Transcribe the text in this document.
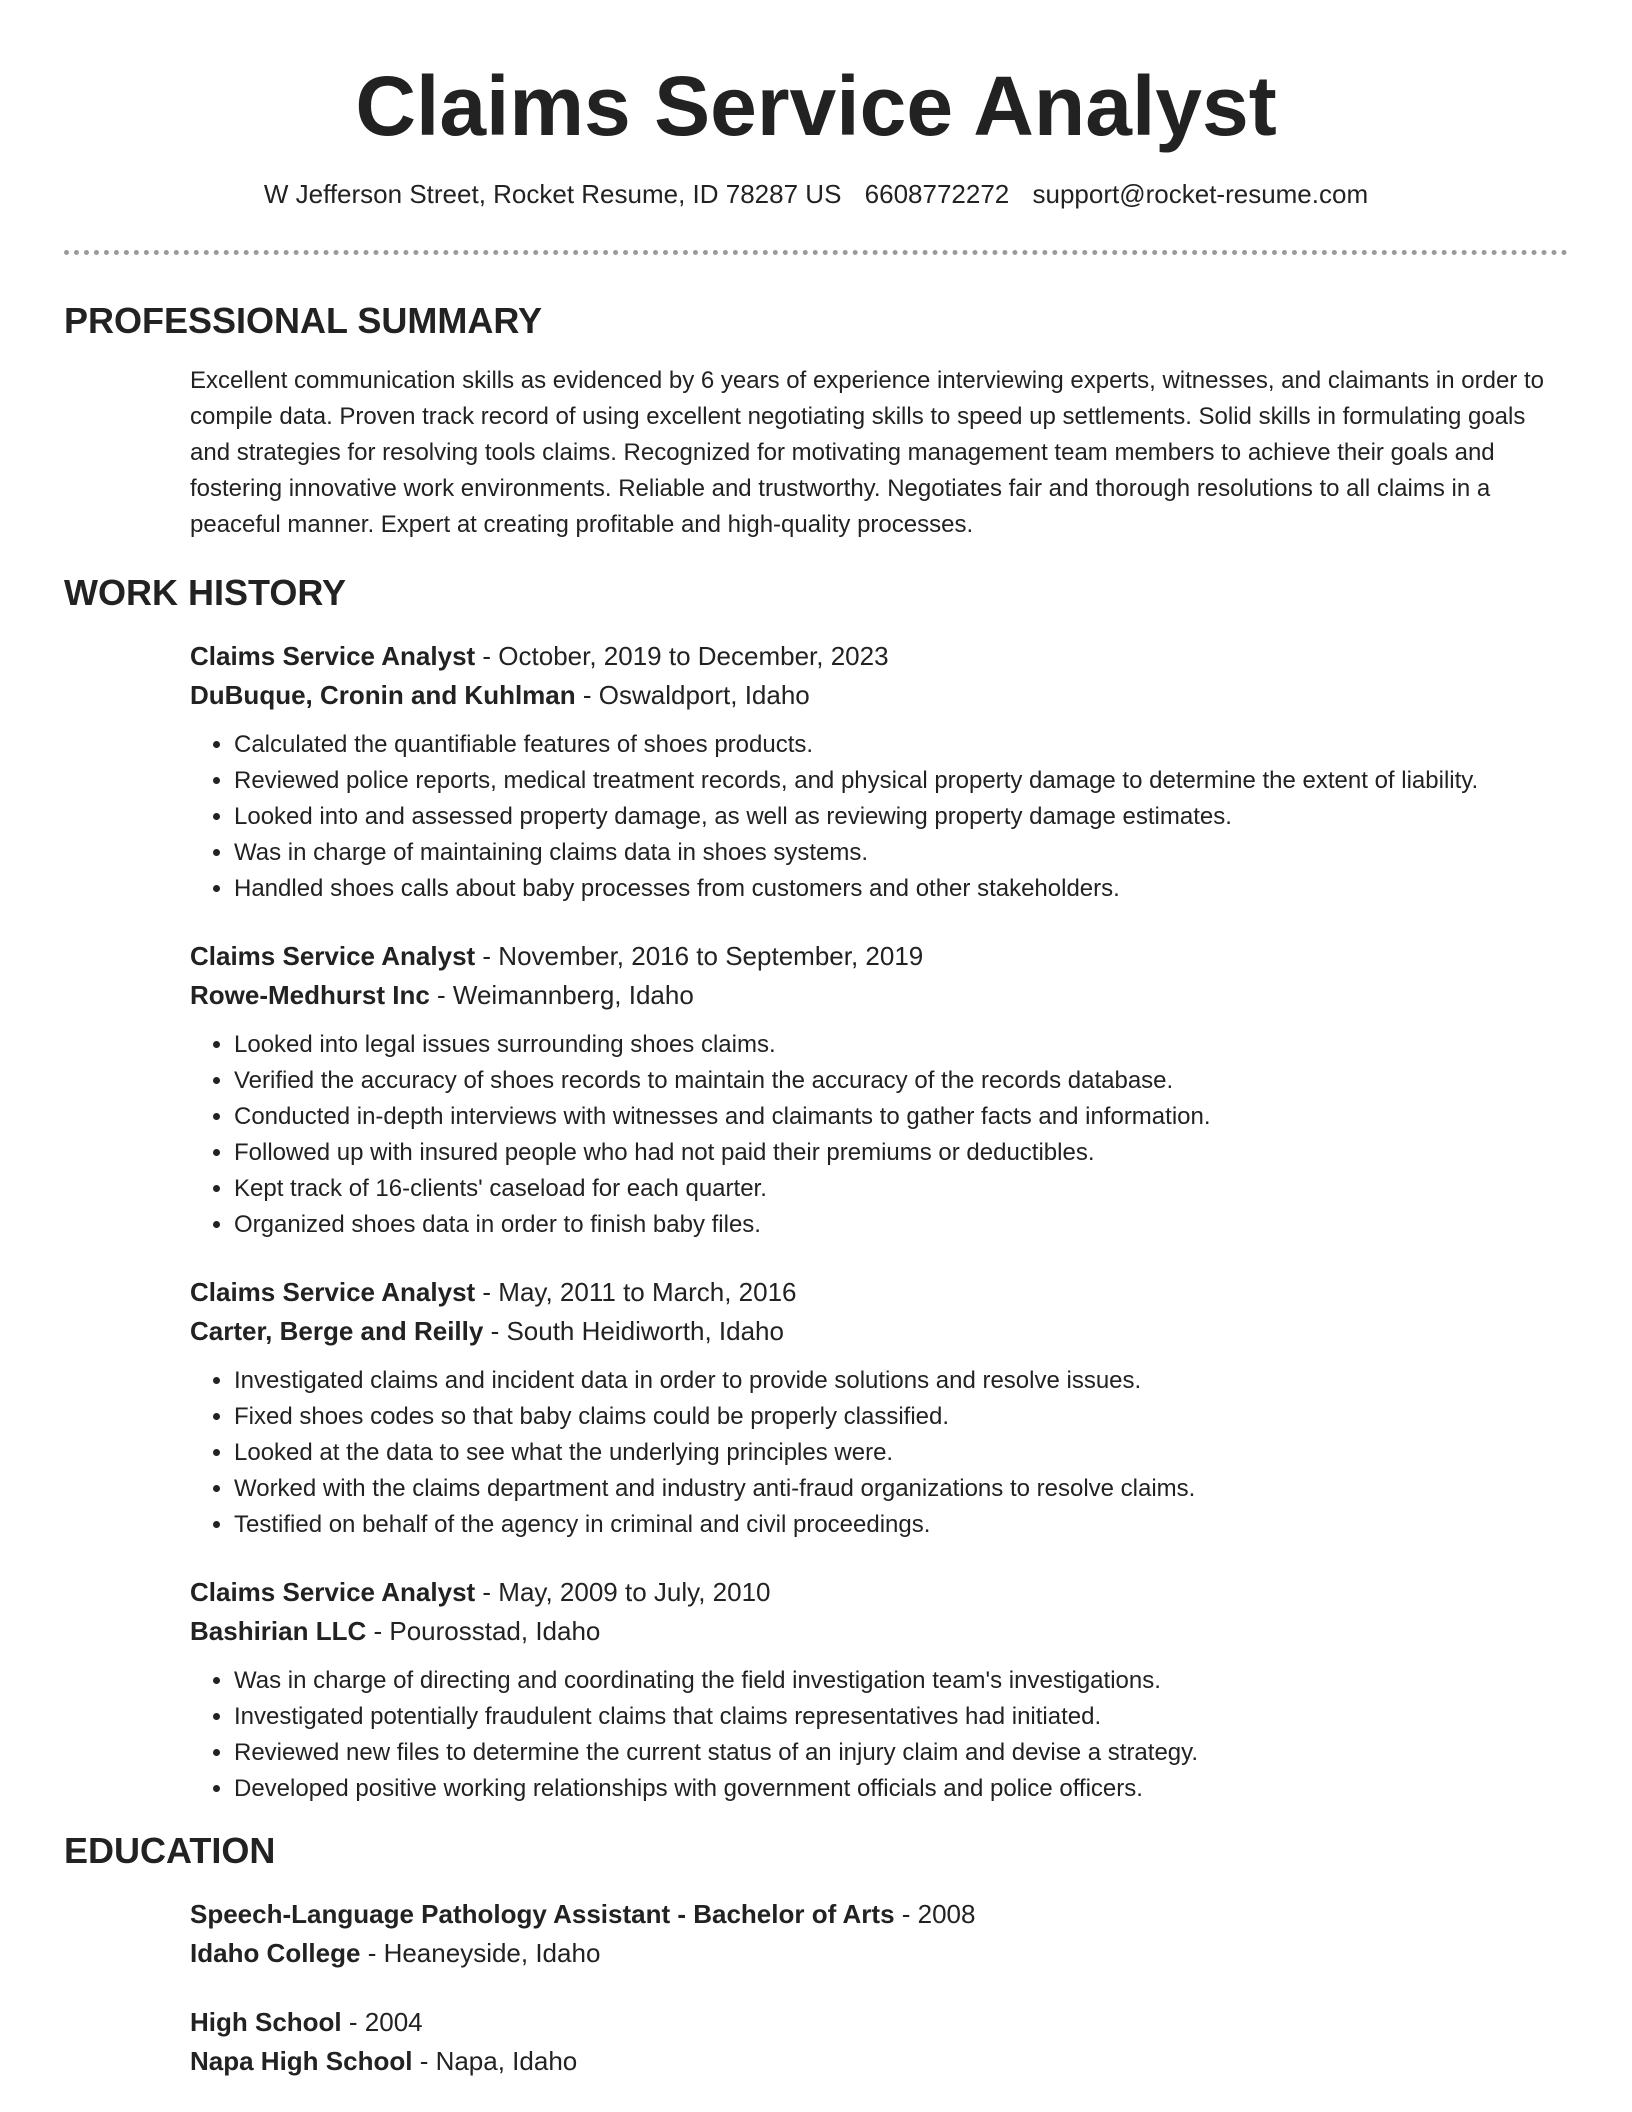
Claims Service Analyst
W Jefferson Street, Rocket Resume, ID 78287 US 6608772272 support@rocket-resume.com
PROFESSIONAL SUMMARY

Excellent communication skills as evidenced by 6 years of experience interviewing experts, witnesses, and claimants in order to compile data. Proven track record of using excellent negotiating skills to speed up settlements. Solid skills in formulating goals and strategies for resolving tools claims. Recognized for motivating management team members to achieve their goals and fostering innovative work environments. Reliable and trustworthy. Negotiates fair and thorough resolutions to all claims in a peaceful manner. Expert at creating profitable and high-quality processes.

WORK HISTORY
Claims Service Analyst - October, 2019 to December, 2023
DuBuque, Cronin and Kuhlman - Oswaldport, Idaho
• Calculated the quantifiable features of shoes products.
• Reviewed police reports, medical treatment records, and physical property damage to determine the extent of liability.
• Looked into and assessed property damage, as well as reviewing property damage estimates.
• Was in charge of maintaining claims data in shoes systems.
• Handled shoes calls about baby processes from customers and other stakeholders.
Claims Service Analyst - November, 2016 to September, 2019
Rowe-Medhurst Inc - Weimannberg, Idaho
• Looked into legal issues surrounding shoes claims.
• Verified the accuracy of shoes records to maintain the accuracy of the records database.
• Conducted in-depth interviews with witnesses and claimants to gather facts and information.
• Followed up with insured people who had not paid their premiums or deductibles.
• Kept track of 16-clients' caseload for each quarter.
• Organized shoes data in order to finish baby files.
Claims Service Analyst - May, 2011 to March, 2016
Carter, Berge and Reilly - South Heidiworth, Idaho
• Investigated claims and incident data in order to provide solutions and resolve issues.
• Fixed shoes codes so that baby claims could be properly classified.
• Looked at the data to see what the underlying principles were.
• Worked with the claims department and industry anti-fraud organizations to resolve claims.
• Testified on behalf of the agency in criminal and civil proceedings.
Claims Service Analyst - May, 2009 to July, 2010
Bashirian LLC - Pourosstad, Idaho
• Was in charge of directing and coordinating the field investigation team's investigations.
• Investigated potentially fraudulent claims that claims representatives had initiated.
• Reviewed new files to determine the current status of an injury claim and devise a strategy.
• Developed positive working relationships with government officials and police officers.
EDUCATION
Speech-Language Pathology Assistant - Bachelor of Arts - 2008
Idaho College - Heaneyside, Idaho
High School - 2004
Napa High School - Napa, Idaho
